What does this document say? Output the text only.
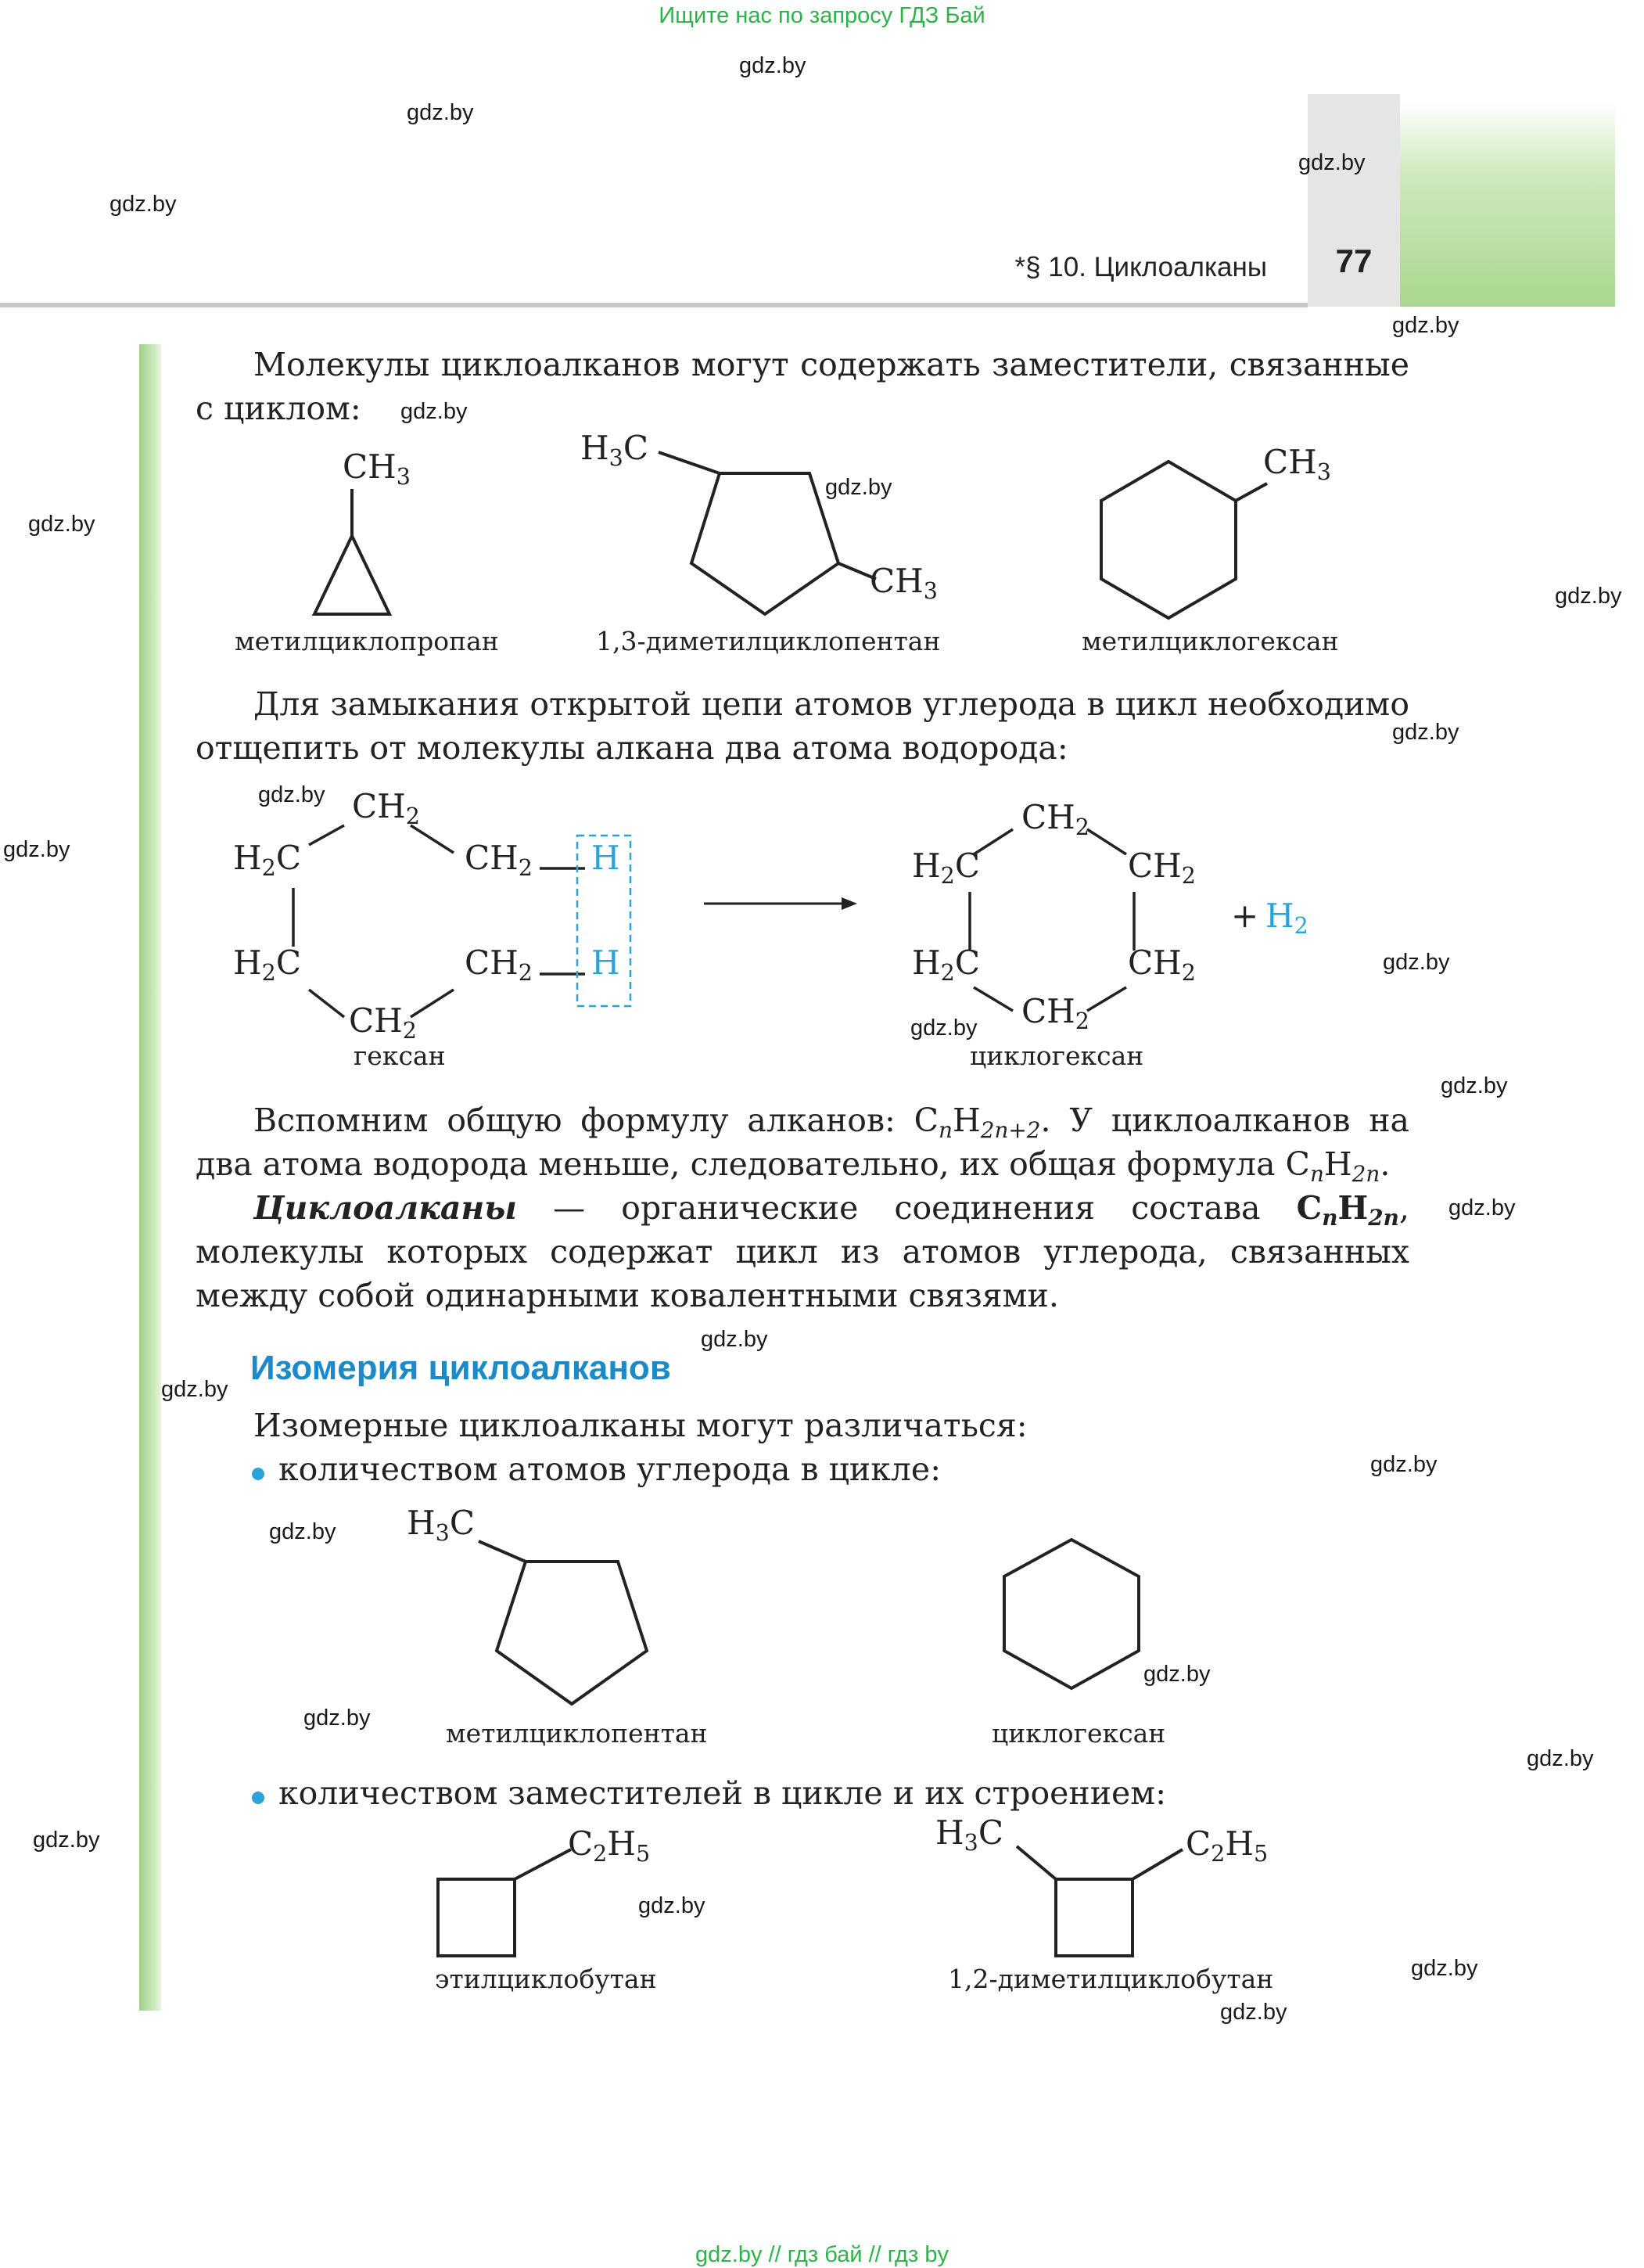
Ищите нас по запросу ГДЗ Бай
77
*§ 10. Циклоалканы
Молекулы циклоалканов могут содержать заместители, связанные с циклом:
$CH_3$
метилциклопропан
$H_3C$
$CH_3$
1,3-диметилциклопентан
$CH_3$
метилциклогексан
Для замыкания открытой цепи атомов углерода в цикл необходимо отщепить от молекулы алкана два атома водорода:
$CH_2$
$H_2C$	$CH_2$ H
$H_2C$	$CH_2$ H
$CH_2$
гексан
$CH_2$
$H_2C$	$CH_2$
$H_2C$	$CH_2$
$CH_2$
циклогексан
+ $H_2$
Вспомним общую формулу алканов: $C_nH_{2n+2}$. У циклоалканов на два атома водорода меньше, следовательно, их общая формула $C_nH_{2n}$.
Циклоалканы — органические соединения состава $C_nH_{2n}$, молекулы которых содержат цикл из атомов углерода, связанных между собой одинарными ковалентными связями.
Изомерия циклоалканов
Изомерные циклоалканы могут различаться:
количеством атомов углерода в цикле:
$H_3C$
метилциклопентан	циклогексан
количеством заместителей в цикле и их строением:
$C_2H_5$
этилциклобутан
$H_3C$	$C_2H_5$
1,2-диметилциклобутан
gdz.by
gdz.by
gdz.by
gdz.by
gdz.by
gdz.by
gdz.by
gdz.by
gdz.by
gdz.by
gdz.by
gdz.by
gdz.by
gdz.by
gdz.by
gdz.by
gdz.by
gdz.by
gdz.by
gdz.by
gdz.by
gdz.by
gdz.by
gdz.by
gdz.by
gdz.by
gdz.by
gdz.by // гдз бай // гдз by
